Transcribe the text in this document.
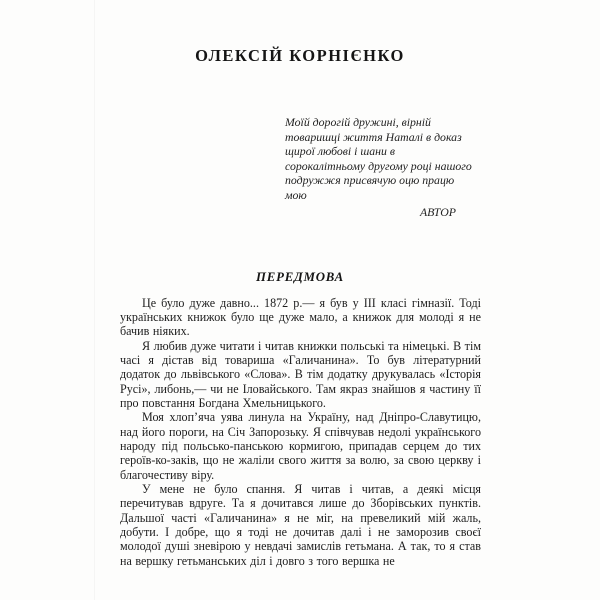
ОЛЕКСІЙ КОРНІЄНКО
Моїй дорогій дружині, вірній товаришці життя Наталі в доказ щирої любові і шани в сорокалітньому другому році нашого подружжя присвячую оцю працю мою
АВТОР
ПЕРЕДМОВА

Це було дуже давно... 1872 р.— я був у III класі гімназії. Тоді українських книжок було ще дуже мало, а книжок для молоді я не бачив ніяких.

Я любив дуже читати і читав книжки польські та німецькі. В тім часі я дістав від товариша «Галичанина». То був літературний додаток до львівського «Слова». В тім додатку друкувалась «Історія Русі», либонь,— чи не Іловайського. Там якраз знайшов я частину її про повстання Богдана Хмельницького.

Моя хлоп’яча уява линула на Україну, над Дніпро-Славутицю, над його пороги, на Січ Запорозьку. Я співчував недолі українського народу під польсько-панською кормигою, припадав серцем до тих героїв-ко-заків, що не жаліли свого життя за волю, за свою церкву і благочестиву віру.

У мене не було спання. Я читав і читав, а деякі місця перечитував вдруге. Та я дочитався лише до Зборівських пунктів. Дальшої часті «Галичанина» я не міг, на превеликий мій жаль, добути. І добре, що я тоді не дочитав далі і не заморозив своєї молодої душі зневірою у невдачі замислів гетьмана. А так, то я став на вершку гетьманських діл і довго з того вершка не
